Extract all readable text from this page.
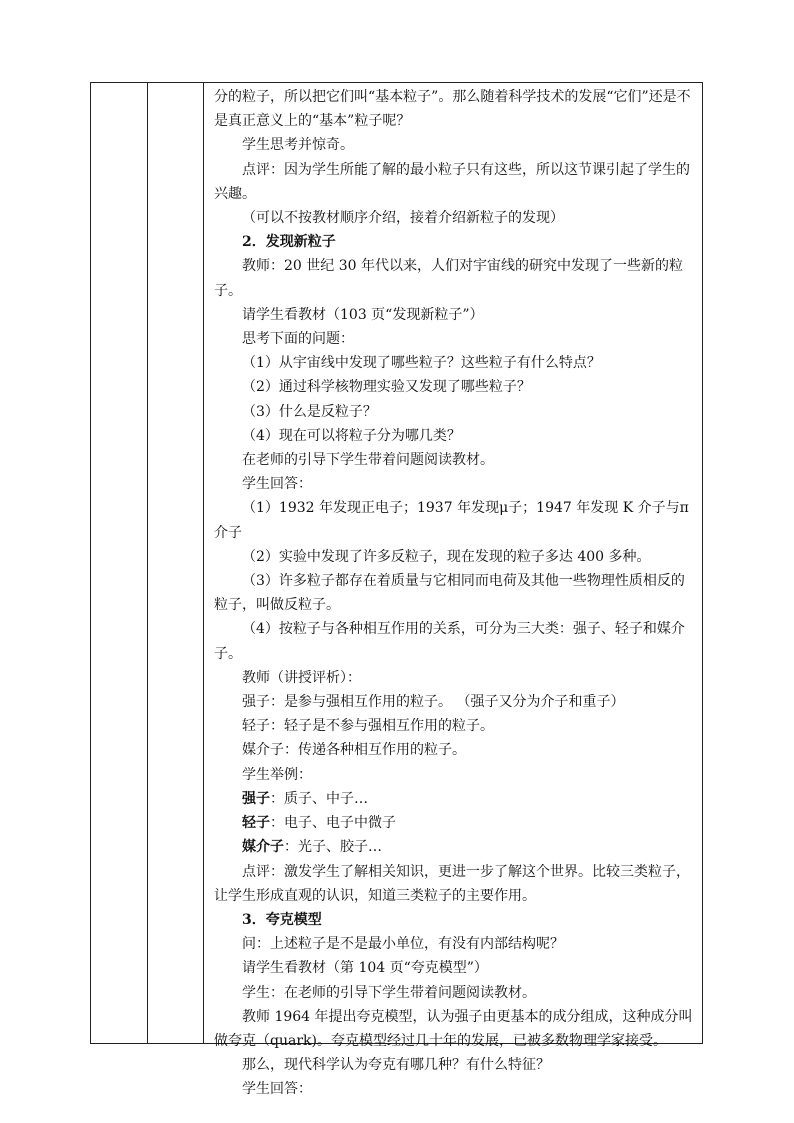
分的粒子，所以把它们叫“基本粒子”。那么随着科学技术的发展“它们”还是不是真正意义上的“基本”粒子呢？

学生思考并惊奇。

点评：因为学生所能了解的最小粒子只有这些，所以这节课引起了学生的兴趣。

（可以不按教材顺序介绍，接着介绍新粒子的发现）

2．发现新粒子

教师：20 世纪 30 年代以来，人们对宇宙线的研究中发现了一些新的粒子。

请学生看教材（103 页“发现新粒子”）

思考下面的问题：

（1）从宇宙线中发现了哪些粒子？这些粒子有什么特点？

（2）通过科学核物理实验又发现了哪些粒子？

（3）什么是反粒子？

（4）现在可以将粒子分为哪几类？

在老师的引导下学生带着问题阅读教材。

学生回答：

（1）1932 年发现正电子；1937 年发现μ子；1947 年发现 K 介子与π介子

（2）实验中发现了许多反粒子，现在发现的粒子多达 400 多种。

（3）许多粒子都存在着质量与它相同而电荷及其他一些物理性质相反的粒子，叫做反粒子。

（4）按粒子与各种相互作用的关系，可分为三大类：强子、轻子和媒介子。

教师（讲授评析）：

强子：是参与强相互作用的粒子。 （强子又分为介子和重子）

轻子：轻子是不参与强相互作用的粒子。

媒介子：传递各种相互作用的粒子。

学生举例：

强子：质子、中子…

轻子：电子、电子中微子

媒介子：光子、胶子…

点评：激发学生了解相关知识，更进一步了解这个世界。比较三类粒子，让学生形成直观的认识，知道三类粒子的主要作用。

3．夸克模型

问：上述粒子是不是最小单位，有没有内部结构呢？

请学生看教材（第 104 页“夸克模型”）

学生：在老师的引导下学生带着问题阅读教材。

教师 1964 年提出夸克模型，认为强子由更基本的成分组成，这种成分叫做夸克（quark)。夸克模型经过几十年的发展，已被多数物理学家接受。

那么，现代科学认为夸克有哪几种？有什么特征？

学生回答：
